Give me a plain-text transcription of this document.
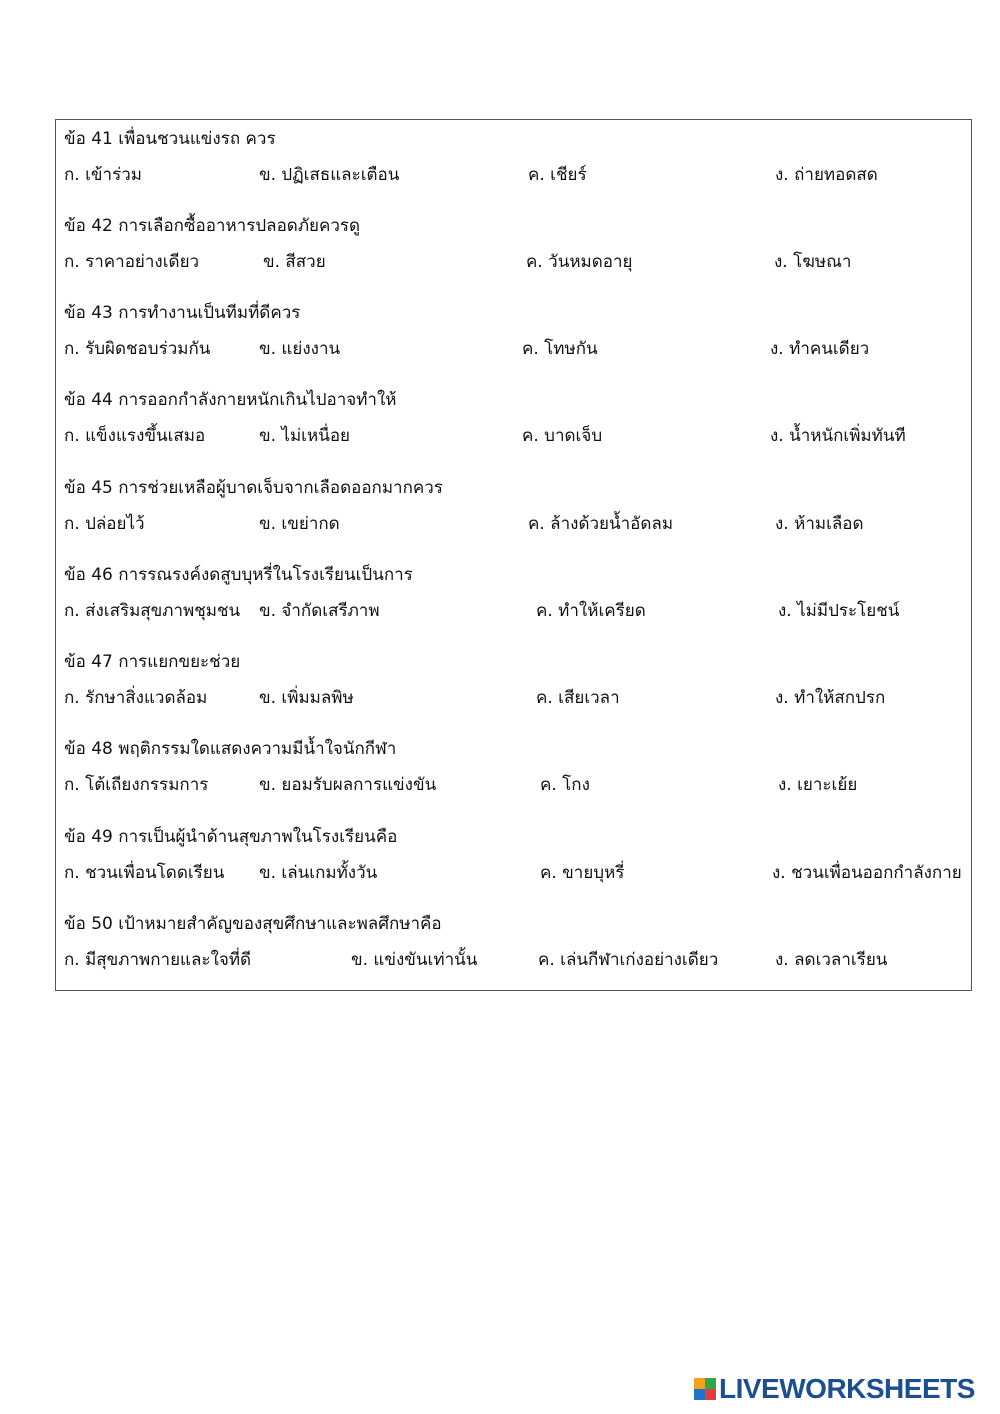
ข้อ 41 เพื่อนชวนแข่งรถ ควร
ก. เข้าร่วม	ข. ปฏิเสธและเตือน	ค. เชียร์	ง. ถ่ายทอดสด
ข้อ 42 การเลือกซื้ออาหารปลอดภัยควรดู
ก. ราคาอย่างเดียว	ข. สีสวย	ค. วันหมดอายุ	ง. โฆษณา
ข้อ 43 การทำงานเป็นทีมที่ดีควร
ก. รับผิดชอบร่วมกัน	ข. แย่งงาน	ค. โทษกัน	ง. ทำคนเดียว
ข้อ 44 การออกกำลังกายหนักเกินไปอาจทำให้
ก. แข็งแรงขึ้นเสมอ	ข. ไม่เหนื่อย	ค. บาดเจ็บ	ง. น้ำหนักเพิ่มทันที
ข้อ 45 การช่วยเหลือผู้บาดเจ็บจากเลือดออกมากควร
ก. ปล่อยไว้	ข. เขย่ากด	ค. ล้างด้วยน้ำอัดลม	ง. ห้ามเลือด
ข้อ 46 การรณรงค์งดสูบบุหรี่ในโรงเรียนเป็นการ
ก. ส่งเสริมสุขภาพชุมชน ข. จำกัดเสรีภาพ	ค. ทำให้เครียด	ง. ไม่มีประโยชน์
ข้อ 47 การแยกขยะช่วย
ก. รักษาสิ่งแวดล้อม	ข. เพิ่มมลพิษ	ค. เสียเวลา	ง. ทำให้สกปรก
ข้อ 48 พฤติกรรมใดแสดงความมีน้ำใจนักกีฬา
ก. โต้เถียงกรรมการ	ข. ยอมรับผลการแข่งขัน	ค. โกง	ง. เยาะเย้ย
ข้อ 49 การเป็นผู้นำด้านสุขภาพในโรงเรียนคือ
ก. ชวนเพื่อนโดดเรียน ข. เล่นเกมทั้งวัน	ค. ขายบุหรี่	ง. ชวนเพื่อนออกกำลังกาย
ข้อ 50 เป้าหมายสำคัญของสุขศึกษาและพลศึกษาคือ
ก. มีสุขภาพกายและใจที่ดี	ข. แข่งขันเท่านั้น	ค. เล่นกีฬาเก่งอย่างเดียว	ง. ลดเวลาเรียน
LIVEWORKSHEETS
